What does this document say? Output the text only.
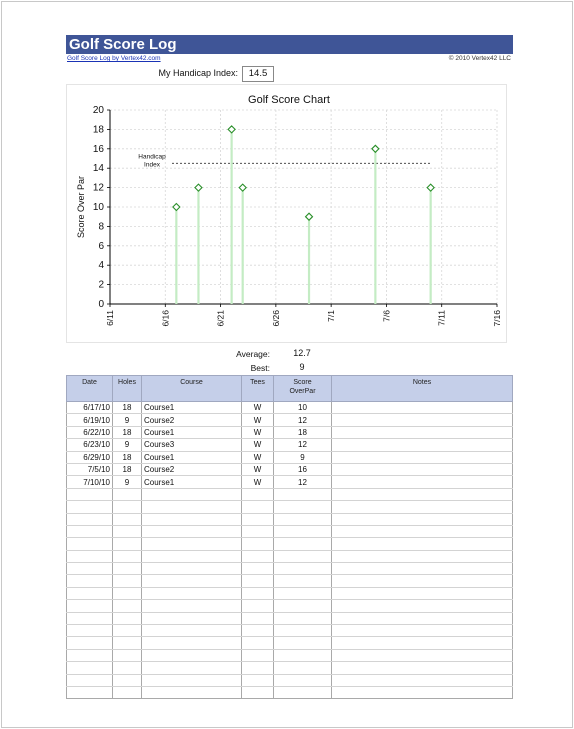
Golf Score Log
Golf Score Log by Vertex42.com	© 2010 Vertex42 LLC
My Handicap Index:	14.5
0
2
4
6
8
10
12
14
16
18
20
6/11	6/16	6/21	6/26	7/1	7/6	7/11	7/16
Handicap
Index
Golf Score Chart
Score Over Par
Average:	12.7
Best:	9
Date	Holes	Course	Tees	Score
OverPar	Notes
6/17/10	18	Course1	W	10	
6/19/10	9	Course2	W	12	
6/22/10	18	Course1	W	18	
6/23/10	9	Course3	W	12	
6/29/10	18	Course1	W	9	
7/5/10	18	Course2	W	16	
7/10/10	9	Course1	W	12	
